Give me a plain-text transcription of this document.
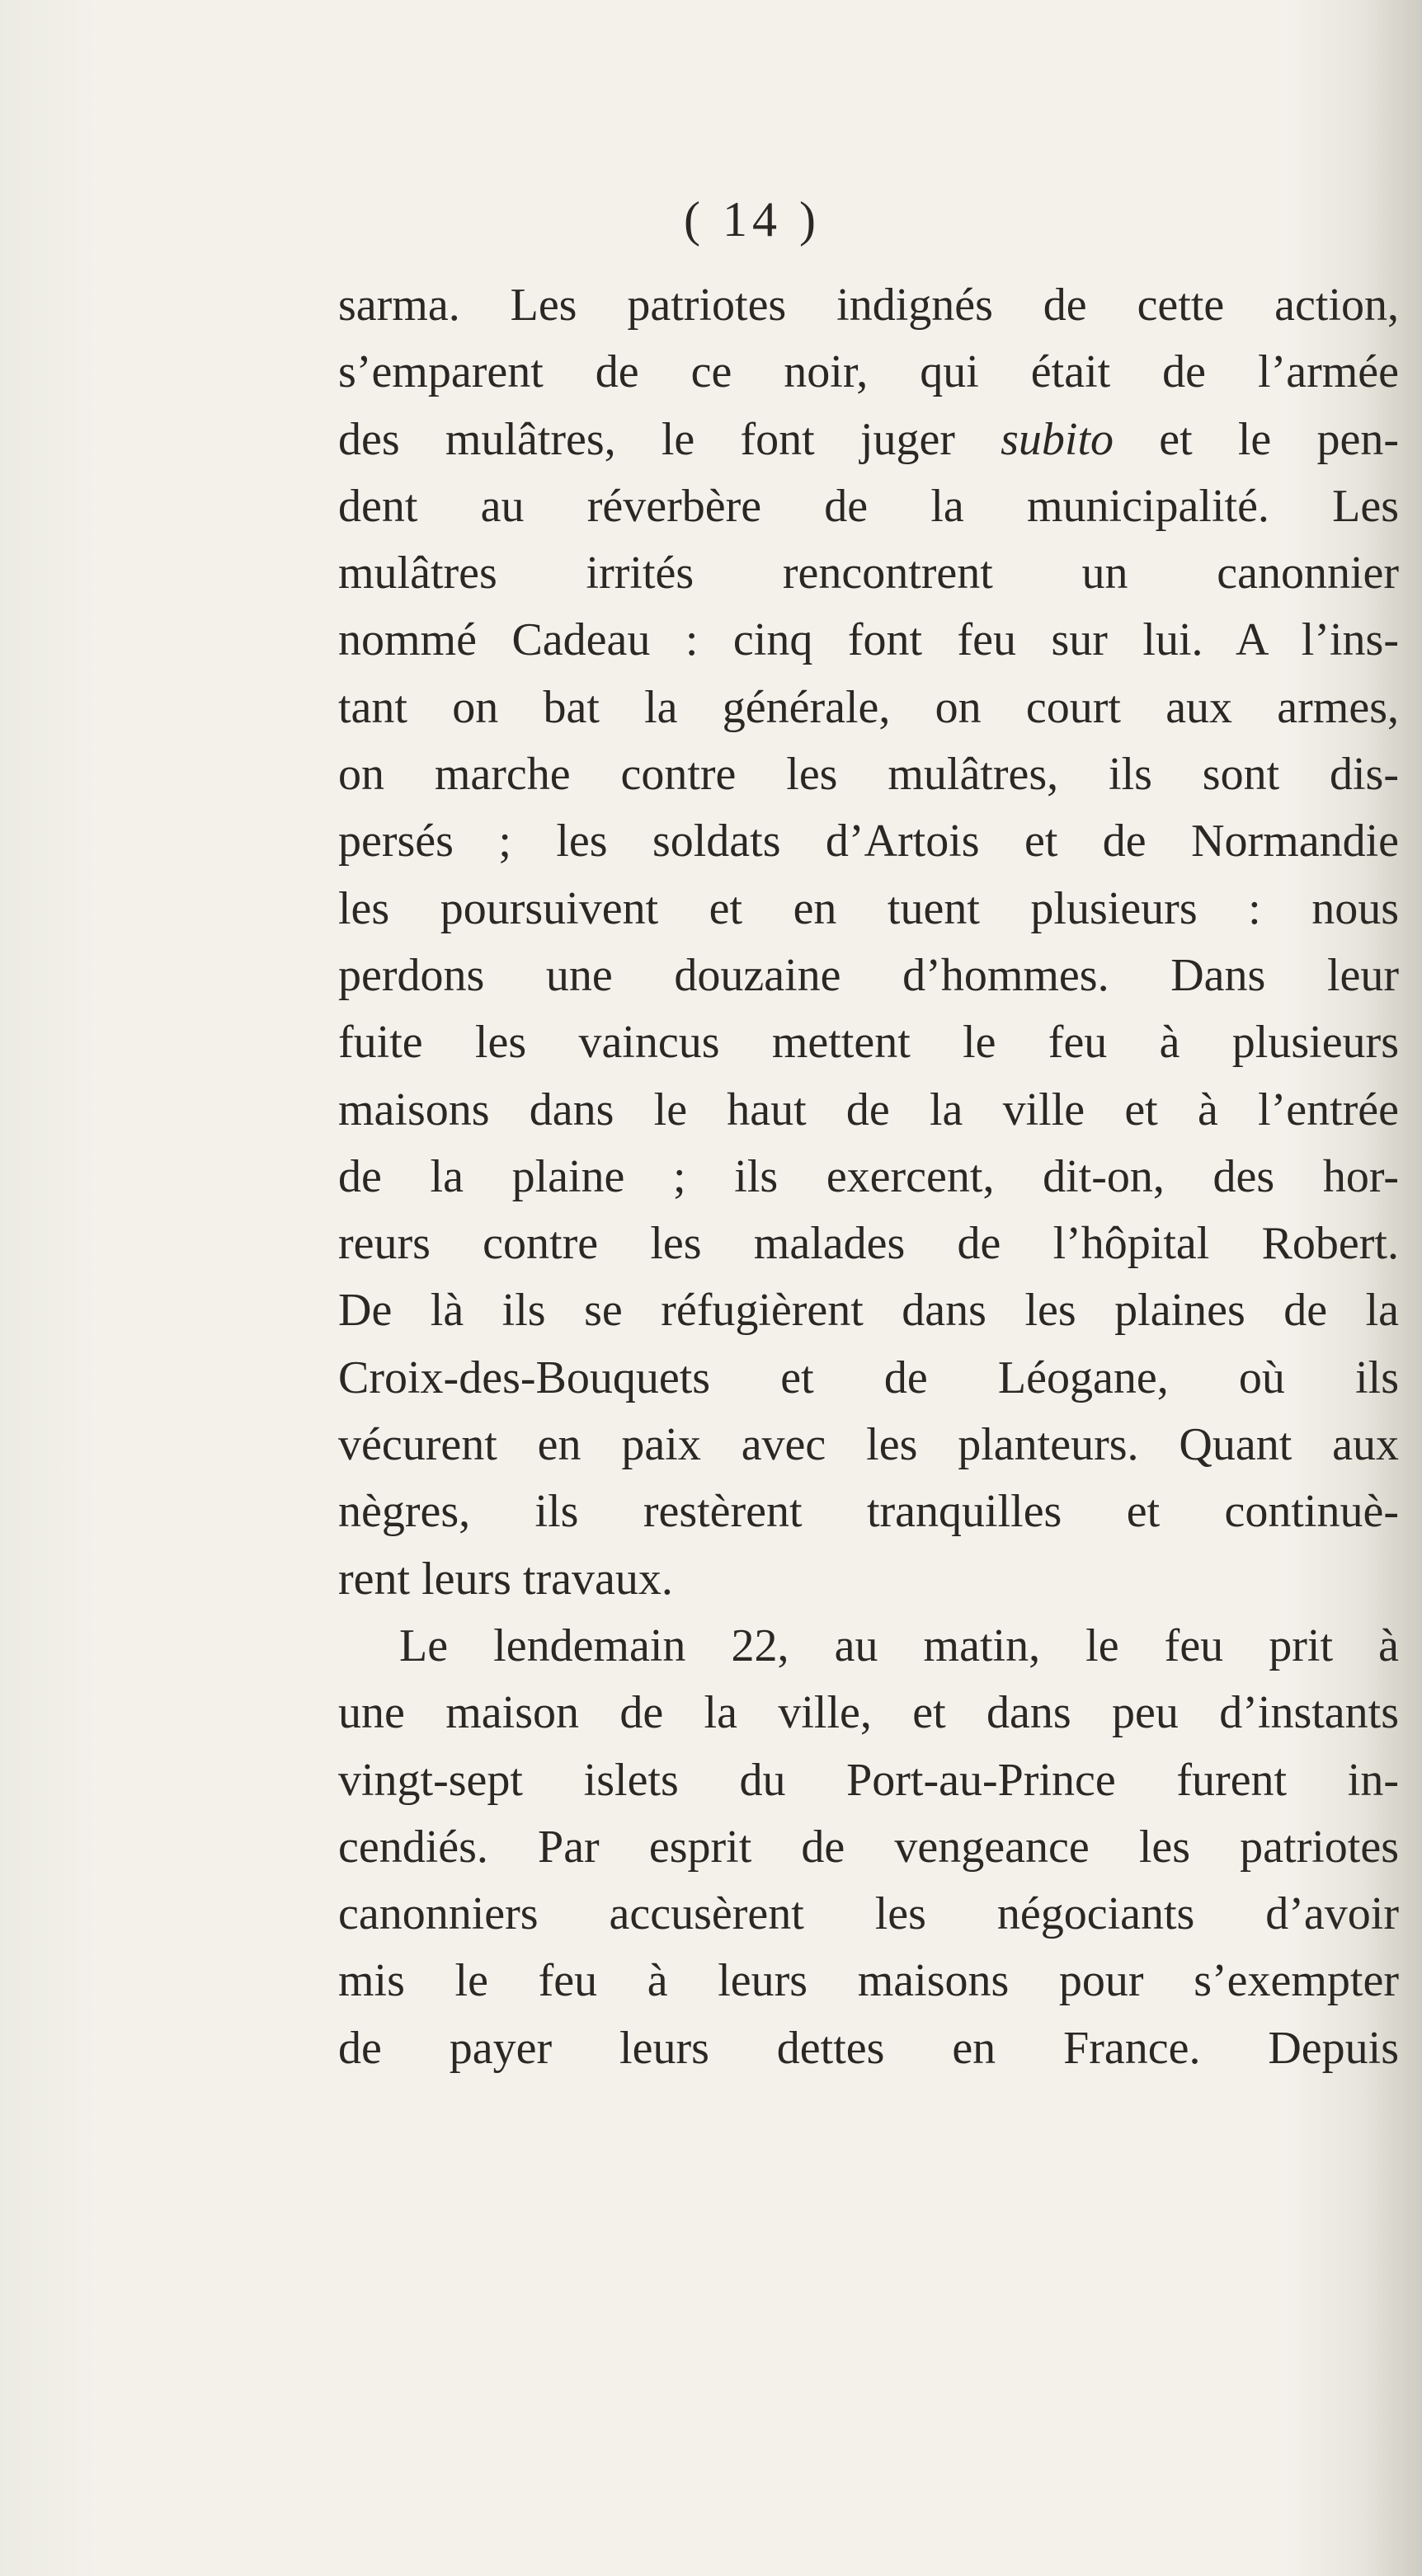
( 14 )
sarma. Les patriotes indignés de cette action,
s’emparent de ce noir, qui était de l’armée
des mulâtres, le font juger subito et le pen-
dent au réverbère de la municipalité. Les
mulâtres irrités rencontrent un canonnier
nommé Cadeau : cinq font feu sur lui. A l’ins-
tant on bat la générale, on court aux armes,
on marche contre les mulâtres, ils sont dis-
persés ; les soldats d’Artois et de Normandie
les poursuivent et en tuent plusieurs : nous
perdons une douzaine d’hommes. Dans leur
fuite les vaincus mettent le feu à plusieurs
maisons dans le haut de la ville et à l’entrée
de la plaine ; ils exercent, dit-on, des hor-
reurs contre les malades de l’hôpital Robert.
De là ils se réfugièrent dans les plaines de la
Croix-des-Bouquets et de Léogane, où ils
vécurent en paix avec les planteurs. Quant aux
nègres, ils restèrent tranquilles et continuè-
rent leurs travaux.
Le lendemain 22, au matin, le feu prit à
une maison de la ville, et dans peu d’instants
vingt-sept islets du Port-au-Prince furent in-
cendiés. Par esprit de vengeance les patriotes
canonniers accusèrent les négociants d’avoir
mis le feu à leurs maisons pour s’exempter
de payer leurs dettes en France. Depuis
